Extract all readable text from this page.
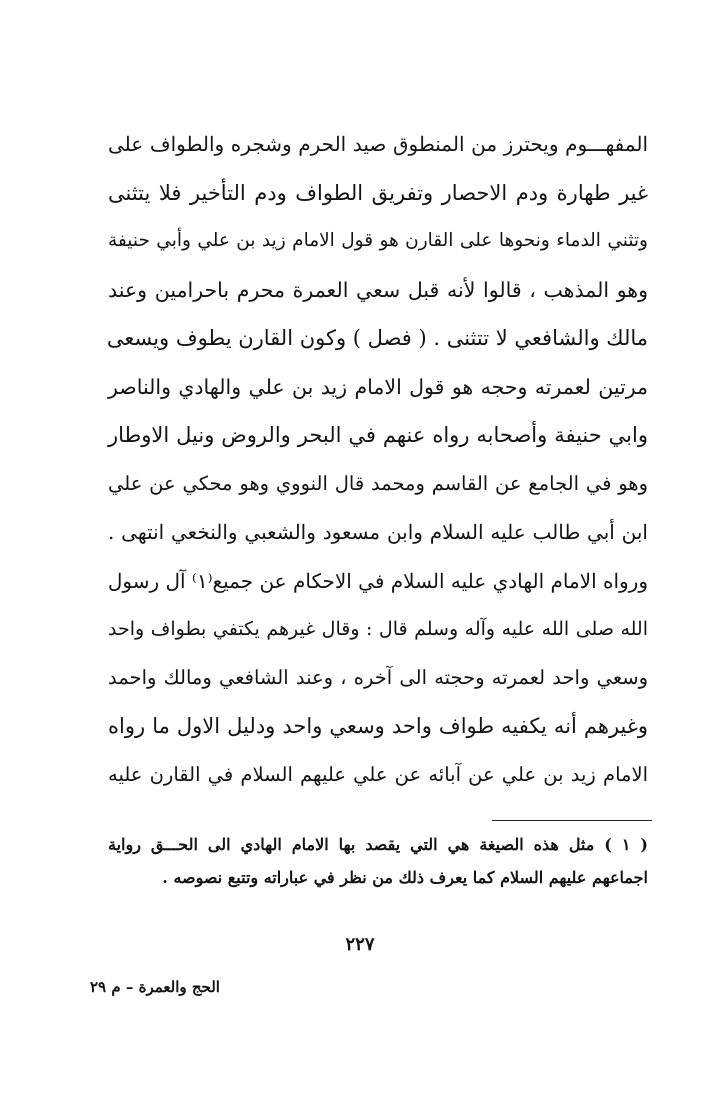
المفهـــوم ويحترز من المنطوق صيد الحرم وشجره والطواف على
غير طهارة ودم الاحصار وتفريق الطواف ودم التأخير فلا يتثنى
وتثني الدماء ونحوها على القارن هو قول الامام زيد بن علي وأبي حنيفة
وهو المذهب ، قالوا لأنه قبل سعي العمرة محرم باحرامين وعند
مالك والشافعي لا تتثنى . ( فصل ) وكون القارن يطوف ويسعى
مرتين لعمرته وحجه هو قول الامام زيد بن علي والهادي والناصر
وابي حنيفة وأصحابه رواه عنهم في البحر والروض ونيل الاوطار
وهو في الجامع عن القاسم ومحمد قال النووي وهو محكي عن علي
ابن أبي طالب عليه السلام وابن مسعود والشعبي والنخعي انتهى .
ورواه الامام الهادي عليه السلام في الاحكام عن جميع⁽١⁾ آل رسول
الله صلى الله عليه وآله وسلم قال : وقال غيرهم يكتفي بطواف واحد
وسعي واحد لعمرته وحجته الى آخره ، وعند الشافعي ومالك واحمد
وغيرهم أنه يكفيه طواف واحد وسعي واحد ودليل الاول ما رواه
الامام زيد بن علي عن آبائه عن علي عليهم السلام في القارن عليه
( ١ ) مثل هذه الصيغة هي التي يقصد بها الامام الهادي الى الحـــق رواية
اجماعهم عليهم السلام كما يعرف ذلك من نظر في عباراته وتتبع نصوصه .
٢٢٧
الحج والعمرة – م ٢٩
